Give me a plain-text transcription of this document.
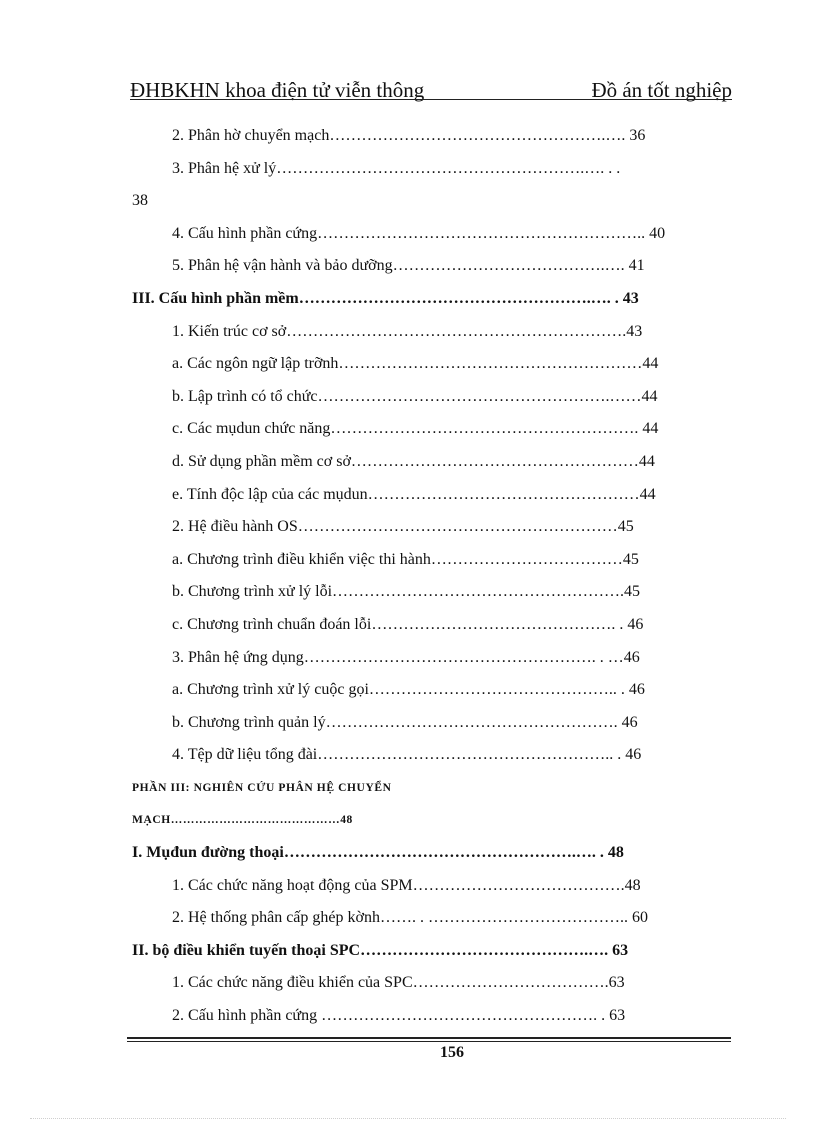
ĐHBKHN khoa điện tử viễn thông	Đồ án tốt nghiệp
2. Phân hờ chuyển mạch…………………………………………….…. 36
3. Phân hệ xử lý………………………………………………….…. . .
38
4. Cấu hình phần cứng…………………………………………………….. 40
5. Phân hệ vận hành và bảo dưỡng………………………………….…. 41
III. Cấu hình phần mềm……………………………………………….…. . 43
1. Kiến trúc cơ sở……………………………………………………….43
a. Các ngôn ngữ lập trỡnh…………………………………………………44
b. Lập trình có tổ chức……………………………………………….……44
c. Các mụdun chức năng…………………………………………………. 44
d. Sử dụng phần mềm cơ sở………………………………………………44
e. Tính độc lập của các mụdun……………………………………………44
2. Hệ điều hành OS……………………………………………………45
a. Chương trình điều khiển việc thi hành………………………………45
b. Chương trình xử lý lỗi……………………………………………….45
c. Chương trình chuẩn đoán lỗi………………………………………. . 46
3. Phân hệ ứng dụng………………………………………………. . …46
a. Chương trình xử lý cuộc gọi……………………………………….. . 46
b. Chương trình quản lý………………………………………………. 46
4. Tệp dữ liệu tổng đài……………………………………………….. . 46
PHẦN III: NGHIÊN CỨU PHÂN HỆ CHUYỂN
MẠCH……………………………………48
I. Mụđun đường thoại……………………………………………….…. . 48
1. Các chức năng hoạt động của SPM………………………………….48
2. Hệ thống phân cấp ghép kờnh……. . ……………………………….. 60
II. bộ điều khiển tuyến thoại SPC…………………………………….…. 63
1. Các chức năng điều khiển của SPC……………………………….63
2. Cấu hình phần cứng ……………………………………………. . 63
156
